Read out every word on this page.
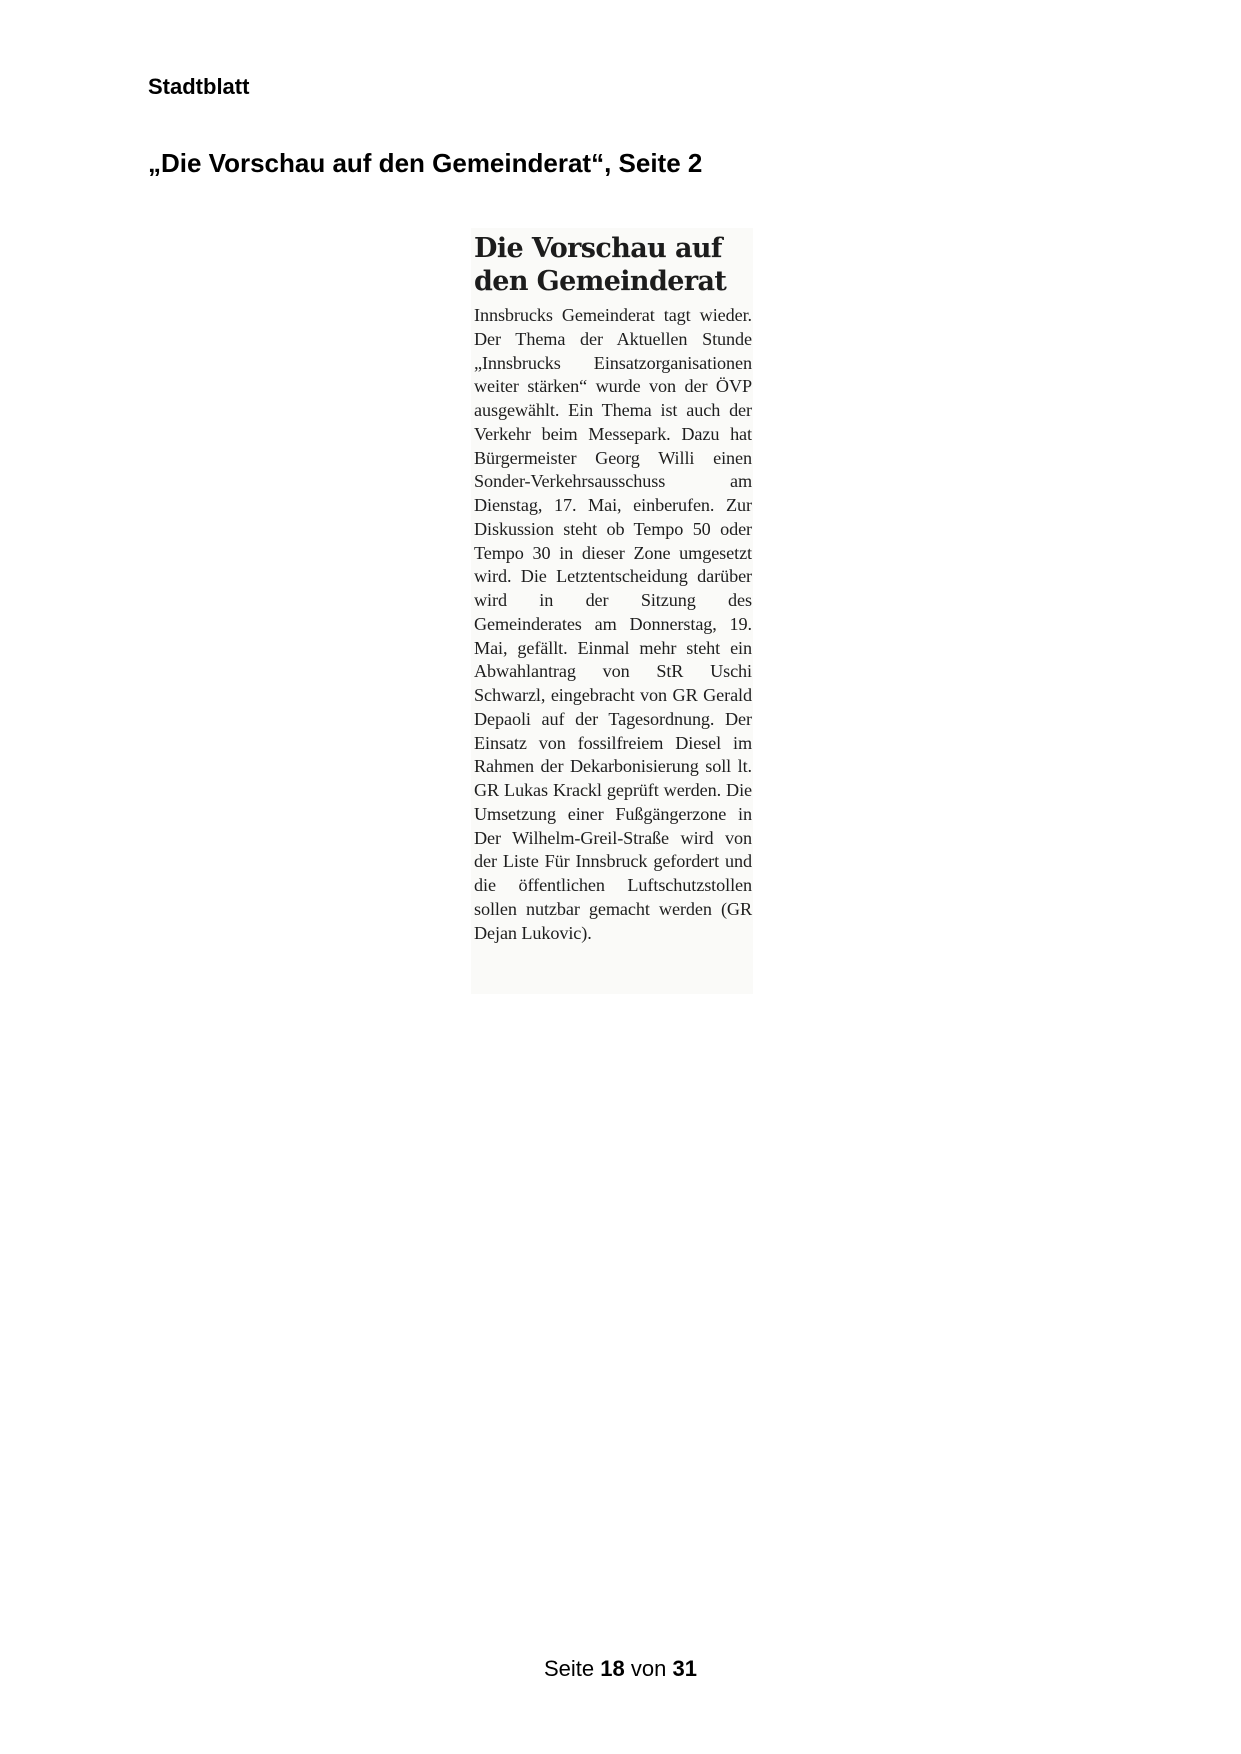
Stadtblatt
„Die Vorschau auf den Gemeinderat“, Seite 2
Die Vorschau auf
den Gemeinderat
Innsbrucks Gemeinderat tagt wieder. Der Thema der Aktuellen Stunde „Innsbrucks Einsatzorganisationen weiter stärken“ wurde von der ÖVP ausgewählt. Ein Thema ist auch der Verkehr beim Messepark. Dazu hat Bürgermeister Georg Willi einen Sonder-Verkehrsausschuss am Dienstag, 17. Mai, einberufen. Zur Diskussion steht ob Tempo 50 oder Tempo 30 in dieser Zone umgesetzt wird. Die Letztentscheidung darüber wird in der Sitzung des Gemeinderates am Donnerstag, 19. Mai, gefällt. Einmal mehr steht ein Abwahlantrag von StR Uschi Schwarzl, eingebracht von GR Gerald Depaoli auf der Tagesordnung. Der Einsatz von fossilfreiem Diesel im Rahmen der Dekarbonisierung soll lt. GR Lukas Krackl geprüft werden. Die Umsetzung einer Fußgängerzone in Der Wilhelm-Greil-Straße wird von der Liste Für Innsbruck gefordert und die öffentlichen Luftschutzstollen sollen nutzbar gemacht werden (GR Dejan Lukovic).
Seite 18 von 31
